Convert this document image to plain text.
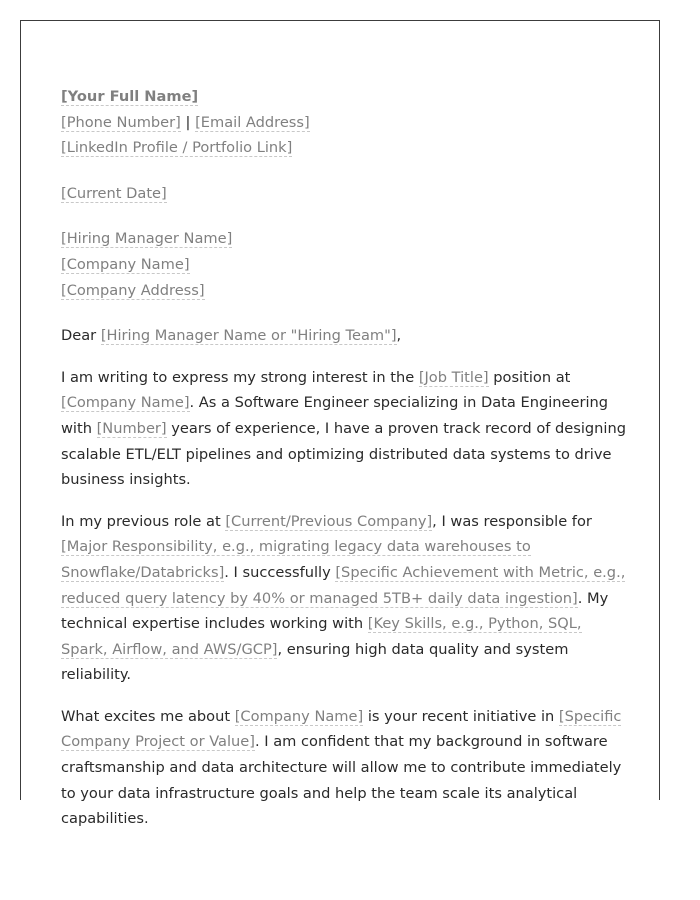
[Your Full Name]
[Phone Number] | [Email Address]
[LinkedIn Profile / Portfolio Link]
[Current Date]
[Hiring Manager Name]
[Company Name]
[Company Address]

Dear [Hiring Manager Name or "Hiring Team"],

I am writing to express my strong interest in the [Job Title] position at [Company Name]. As a Software Engineer specializing in Data Engineering with [Number] years of experience, I have a proven track record of designing scalable ETL/ELT pipelines and optimizing distributed data systems to drive business insights.

In my previous role at [Current/Previous Company], I was responsible for [Major Responsibility, e.g., migrating legacy data warehouses to Snowflake/Databricks]. I successfully [Specific Achievement with Metric, e.g., reduced query latency by 40% or managed 5TB+ daily data ingestion]. My technical expertise includes working with [Key Skills, e.g., Python, SQL, Spark, Airflow, and AWS/GCP], ensuring high data quality and system reliability.

What excites me about [Company Name] is your recent initiative in [Specific Company Project or Value]. I am confident that my background in software craftsmanship and data architecture will allow me to contribute immediately to your data infrastructure goals and help the team scale its analytical capabilities.
